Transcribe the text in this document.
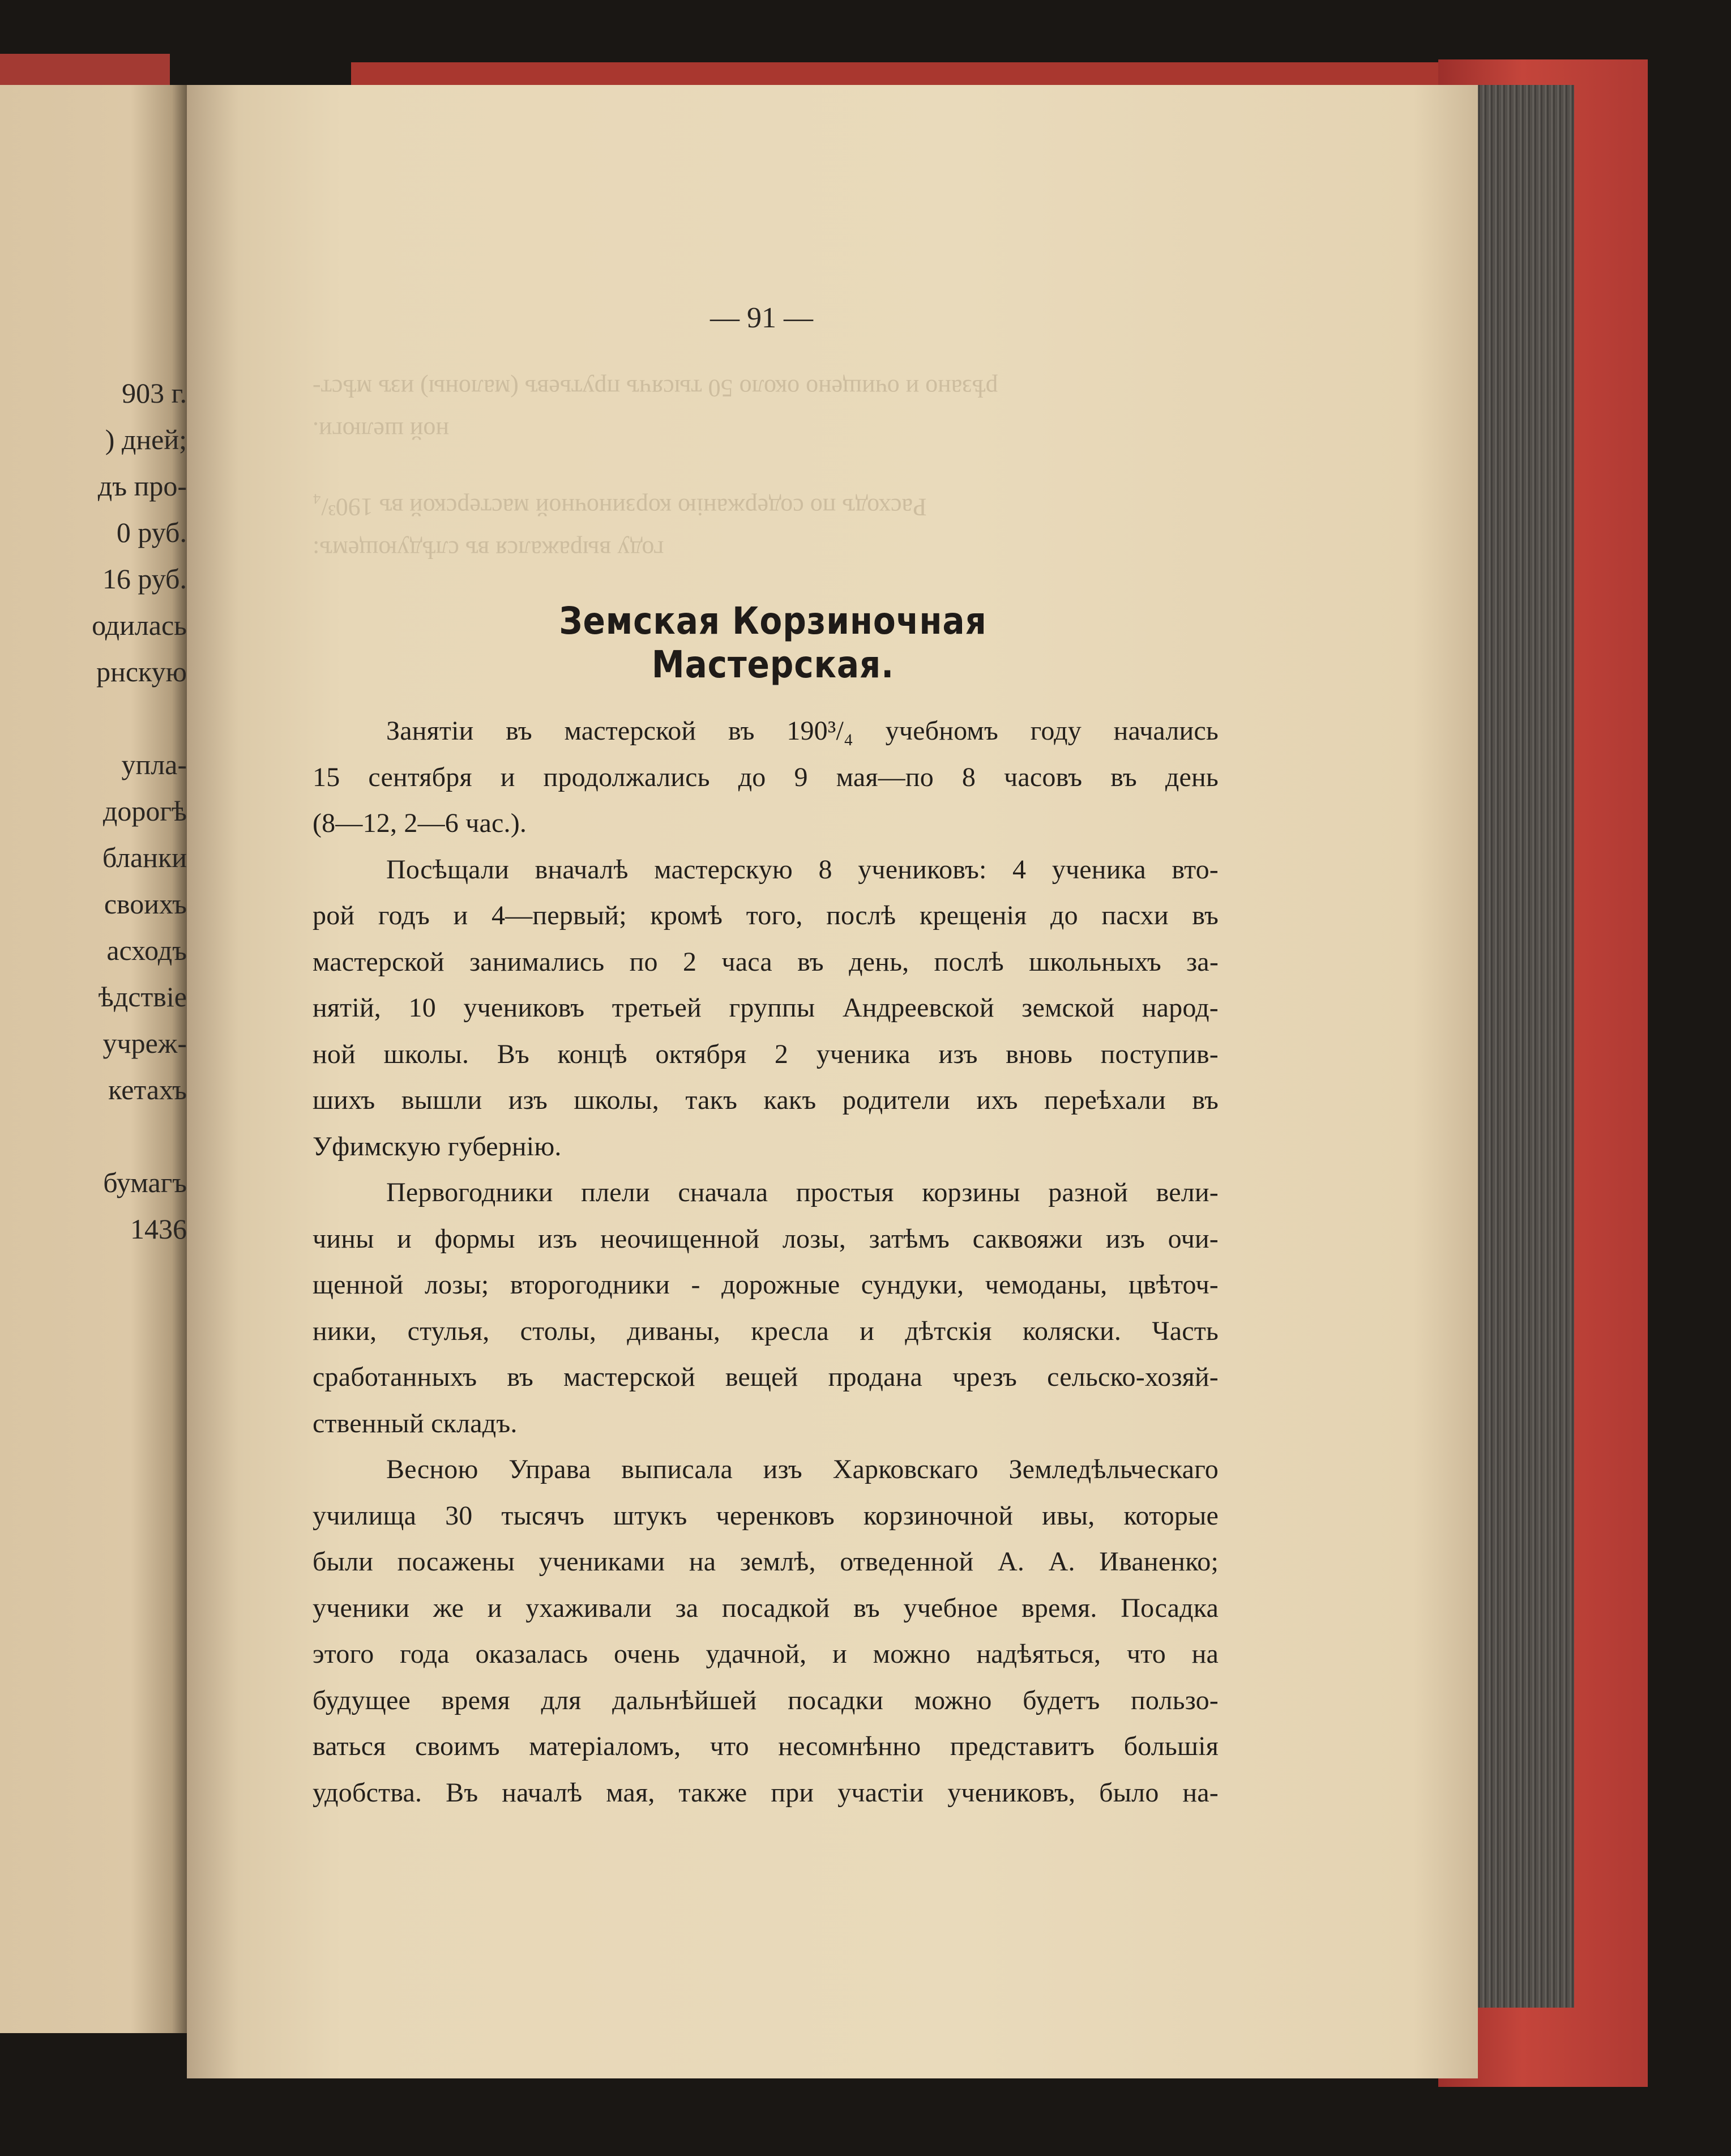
903 г.
) дней;
дъ про-
0 руб.
16 руб.
одилась
рнскую
упла-
дорогѣ
бланки
своихъ
асходъ
ѣдствіе
учреж-
кетахъ
бумагъ
1436
рѣзано и очищено около 50 тысячъ прутьевъ (малоны) изъ мѣст-
ной шелюги.
Расходъ по содержанію корзиночной мастерской въ 190³/₄
году выражался въ слѣдующемъ:
— 91 —
Земская Корзиночная Мастерская.
Занятіи въ мастерской въ 190³/₄ учебномъ году начались
15 сентября и продолжались до 9 мая—по 8 часовъ въ день
(8—12, 2—6 час.).
Посѣщали вначалѣ мастерскую 8 учениковъ: 4 ученика вто-
рой годъ и 4—первый; кромѣ того, послѣ крещенія до пасхи въ
мастерской занимались по 2 часа въ день, послѣ школьныхъ за-
нятій, 10 учениковъ третьей группы Андреевской земской народ-
ной школы. Въ концѣ октября 2 ученика изъ вновь поступив-
шихъ вышли изъ школы, такъ какъ родители ихъ переѣхали въ
Уфимскую губернію.
Первогодники плели сначала простыя корзины разной вели-
чины и формы изъ неочищенной лозы, затѣмъ саквояжи изъ очи-
щенной лозы; второгодники - дорожные сундуки, чемоданы, цвѣточ-
ники, стулья, столы, диваны, кресла и дѣтскія коляски. Часть
сработанныхъ въ мастерской вещей продана чрезъ сельско-хозяй-
ственный складъ.
Весною Управа выписала изъ Харковскаго Земледѣльческаго
училища 30 тысячъ штукъ черенковъ корзиночной ивы, которые
были посажены учениками на землѣ, отведенной А. А. Иваненко;
ученики же и ухаживали за посадкой въ учебное время. Посадка
этого года оказалась очень удачной, и можно надѣяться, что на
будущее время для дальнѣйшей посадки можно будетъ пользо-
ваться своимъ матеріаломъ, что несомнѣнно представитъ большія
удобства. Въ началѣ мая, также при участіи учениковъ, было на-
